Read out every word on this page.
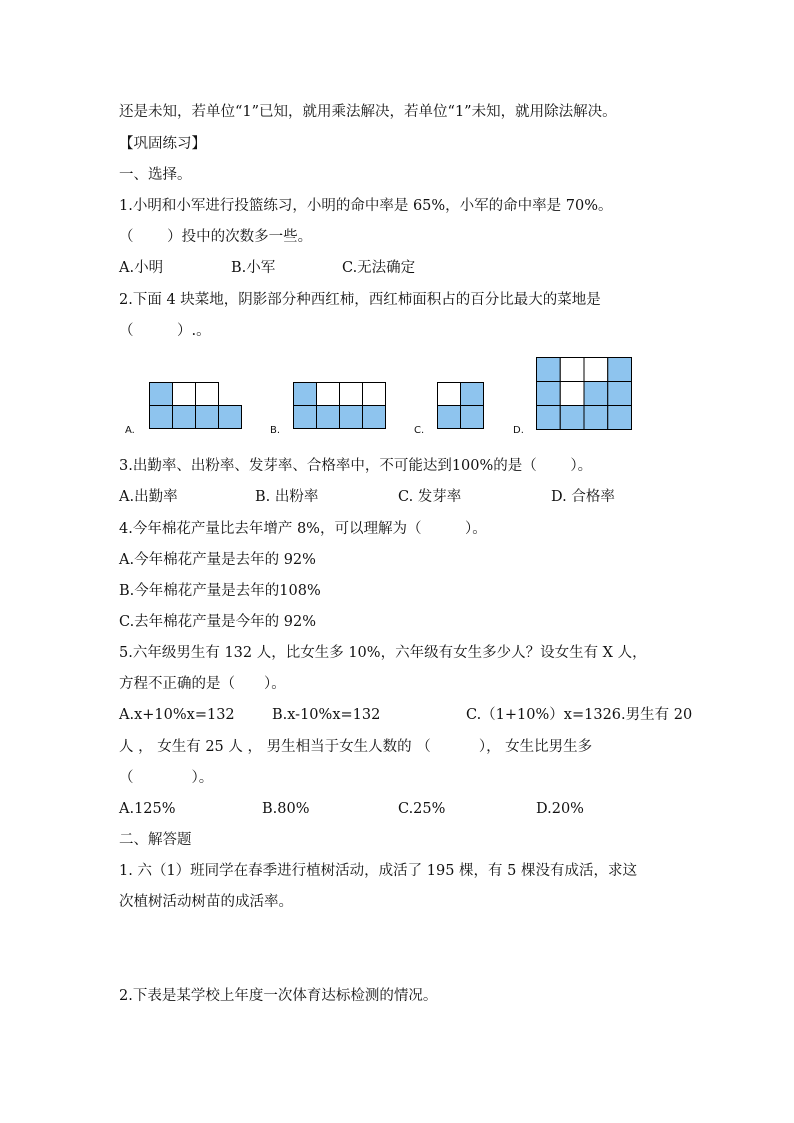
还是未知，若单位“1”已知，就用乘法解决，若单位“1”未知，就用除法解决。
【巩固练习】
一、选择。
1.小明和小军进行投篮练习，小明的命中率是 65%，小军的命中率是 70%。
（　　 ）投中的次数多一些。
A.小明	B.小军	C.无法确定
2.下面 4 块菜地，阴影部分种西红柿，西红柿面积占的百分比最大的菜地是
（　　　）.。
A.	B.	C.	D.
3.出勤率、出粉率、发芽率、合格率中，不可能达到100%的是（　　 ）。
A.出勤率	B. 出粉率	C. 发芽率	D. 合格率
4.今年棉花产量比去年增产 8%，可以理解为（　　　）。
A.今年棉花产量是去年的 92%
B.今年棉花产量是去年的108%
C.去年棉花产量是今年的 92%
5.六年级男生有 132 人，比女生多 10%，六年级有女生多少人？设女生有 X 人，
方程不正确的是（　　）。
A.x+10%x=132	B.x-10%x=132	C.（1+10%）x=1326.男生有 20
人 ， 女生有 25 人 ， 男生相当于女生人数的 （　　　 ）， 女生比男生多
（　　　　）。
A.125%	B.80%	C.25%	D.20%
二、解答题
1. 六（1）班同学在春季进行植树活动，成活了 195 棵，有 5 棵没有成活，求这
次植树活动树苗的成活率。
2.下表是某学校上年度一次体育达标检测的情况。
